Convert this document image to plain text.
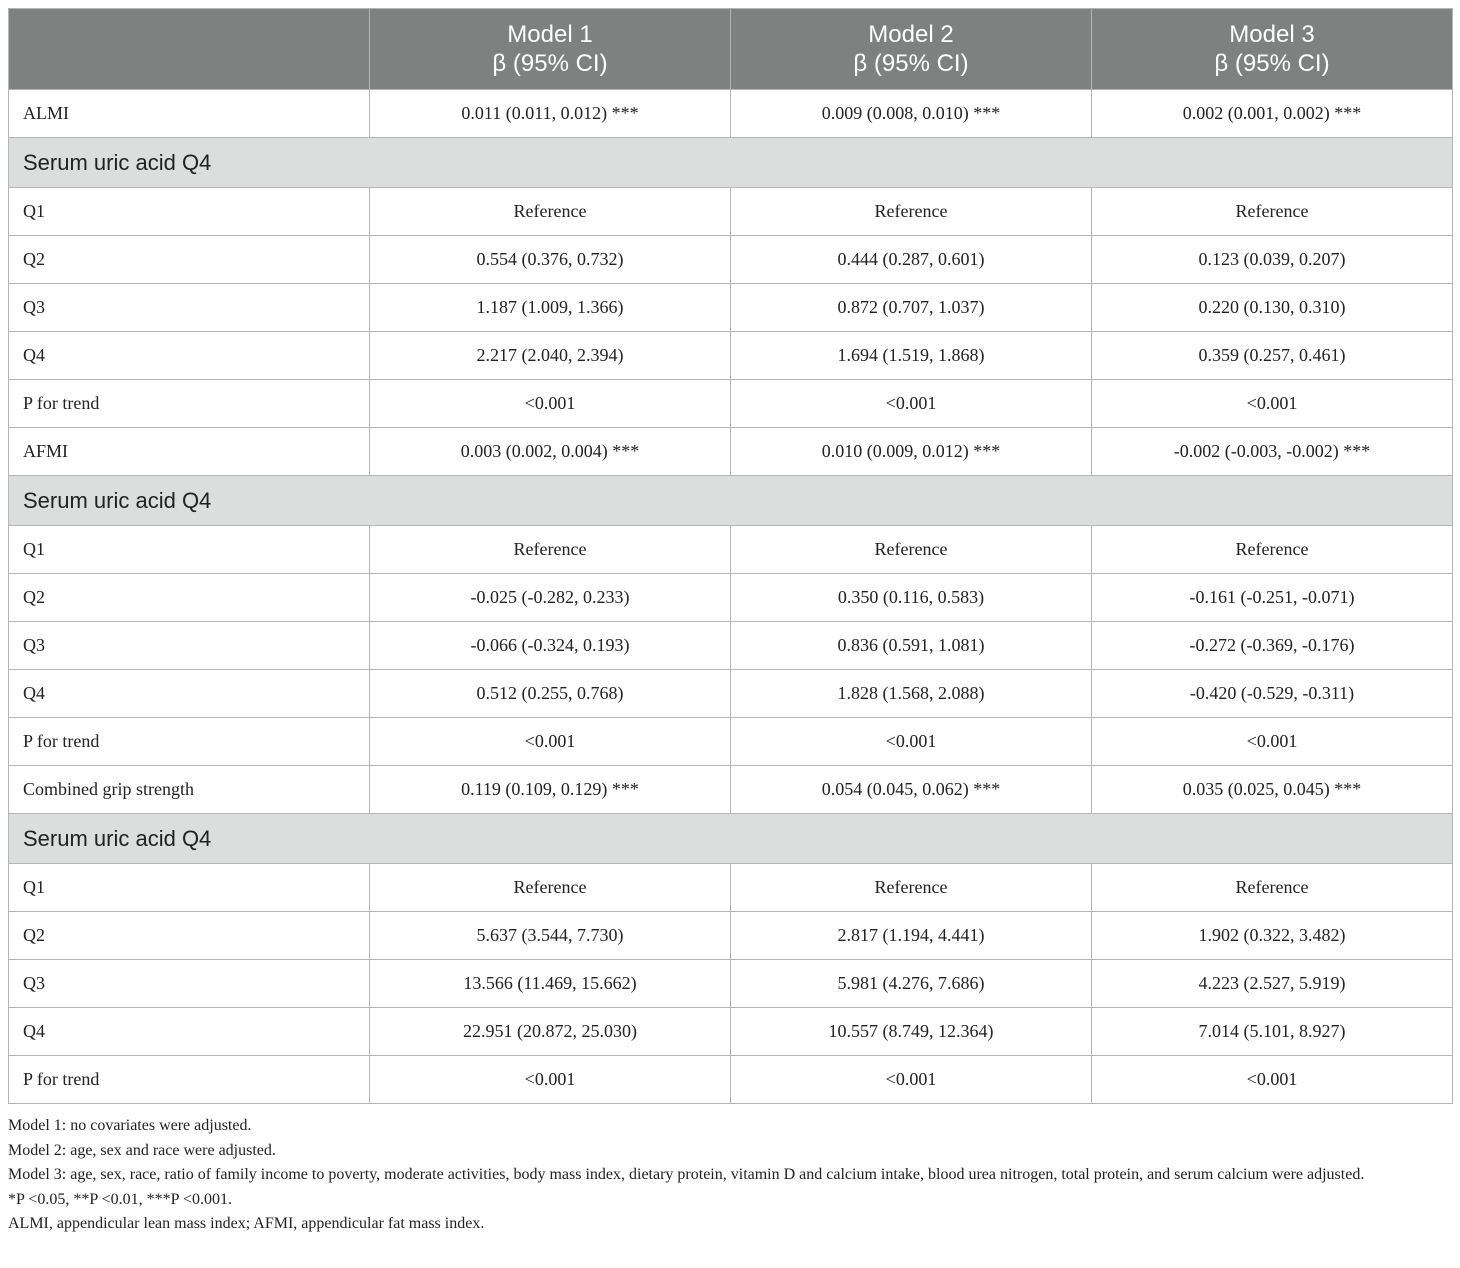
	Model 1
β (95% CI)	Model 2
β (95% CI)	Model 3
β (95% CI)

ALMI	0.011 (0.011, 0.012) ***	0.009 (0.008, 0.010) ***	0.002 (0.001, 0.002) ***
Serum uric acid Q4			
Q1	Reference	Reference	Reference
Q2	0.554 (0.376, 0.732)	0.444 (0.287, 0.601)	0.123 (0.039, 0.207)
Q3	1.187 (1.009, 1.366)	0.872 (0.707, 1.037)	0.220 (0.130, 0.310)
Q4	2.217 (2.040, 2.394)	1.694 (1.519, 1.868)	0.359 (0.257, 0.461)
P for trend	<0.001	<0.001	<0.001
AFMI	0.003 (0.002, 0.004) ***	0.010 (0.009, 0.012) ***	-0.002 (-0.003, -0.002) ***
Serum uric acid Q4			
Q1	Reference	Reference	Reference
Q2	-0.025 (-0.282, 0.233)	0.350 (0.116, 0.583)	-0.161 (-0.251, -0.071)
Q3	-0.066 (-0.324, 0.193)	0.836 (0.591, 1.081)	-0.272 (-0.369, -0.176)
Q4	0.512 (0.255, 0.768)	1.828 (1.568, 2.088)	-0.420 (-0.529, -0.311)
P for trend	<0.001	<0.001	<0.001
Combined grip strength	0.119 (0.109, 0.129) ***	0.054 (0.045, 0.062) ***	0.035 (0.025, 0.045) ***
Serum uric acid Q4			
Q1	Reference	Reference	Reference
Q2	5.637 (3.544, 7.730)	2.817 (1.194, 4.441)	1.902 (0.322, 3.482)
Q3	13.566 (11.469, 15.662)	5.981 (4.276, 7.686)	4.223 (2.527, 5.919)
Q4	22.951 (20.872, 25.030)	10.557 (8.749, 12.364)	7.014 (5.101, 8.927)
P for trend	<0.001	<0.001	<0.001
Model 1: no covariates were adjusted.
Model 2: age, sex and race were adjusted.
Model 3: age, sex, race, ratio of family income to poverty, moderate activities, body mass index, dietary protein, vitamin D and calcium intake, blood urea nitrogen, total protein, and serum calcium were adjusted.
*P <0.05, **P <0.01, ***P <0.001.
ALMI, appendicular lean mass index; AFMI, appendicular fat mass index.
